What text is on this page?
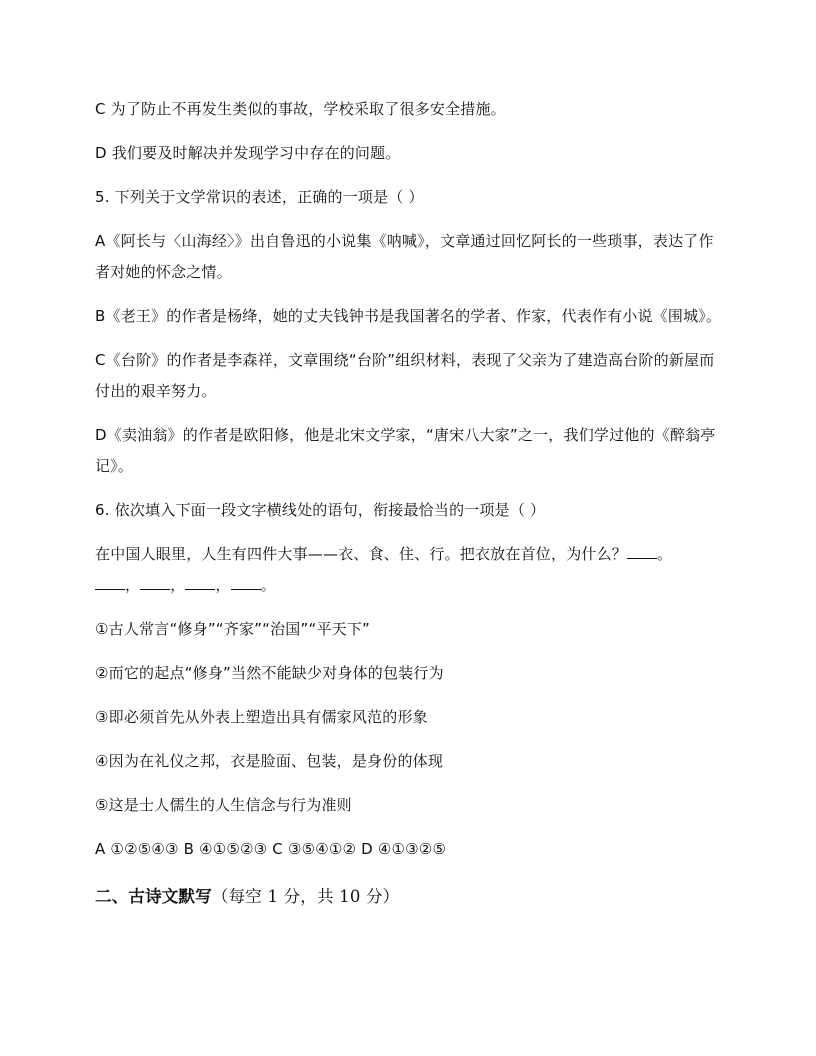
C 为了防止不再发生类似的事故，学校采取了很多安全措施。

D 我们要及时解决并发现学习中存在的问题。

5. 下列关于文学常识的表述，正确的一项是（ ）

A《阿长与〈山海经〉》出自鲁迅的小说集《呐喊》，文章通过回忆阿长的一些琐事，表达了作者对她的怀念之情。

B《老王》的作者是杨绛，她的丈夫钱钟书是我国著名的学者、作家，代表作有小说《围城》。

C《台阶》的作者是李森祥，文章围绕“台阶”组织材料，表现了父亲为了建造高台阶的新屋而付出的艰辛努力。

D《卖油翁》的作者是欧阳修，他是北宋文学家，“唐宋八大家”之一，我们学过他的《醉翁亭记》。

6. 依次填入下面一段文字横线处的语句，衔接最恰当的一项是（ ）

在中国人眼里，人生有四件大事——衣、食、住、行。把衣放在首位，为什么？ 。
， ， ， 。

①古人常言“修身”“齐家”“治国”“平天下”

②而它的起点“修身”当然不能缺少对身体的包装行为

③即必须首先从外表上塑造出具有儒家风范的形象

④因为在礼仪之邦，衣是脸面、包装，是身份的体现

⑤这是士人儒生的人生信念与行为准则

A ①②⑤④③ B ④①⑤②③ C ③⑤④①② D ④①③②⑤

二、古诗文默写（每空 1 分，共 10 分）
